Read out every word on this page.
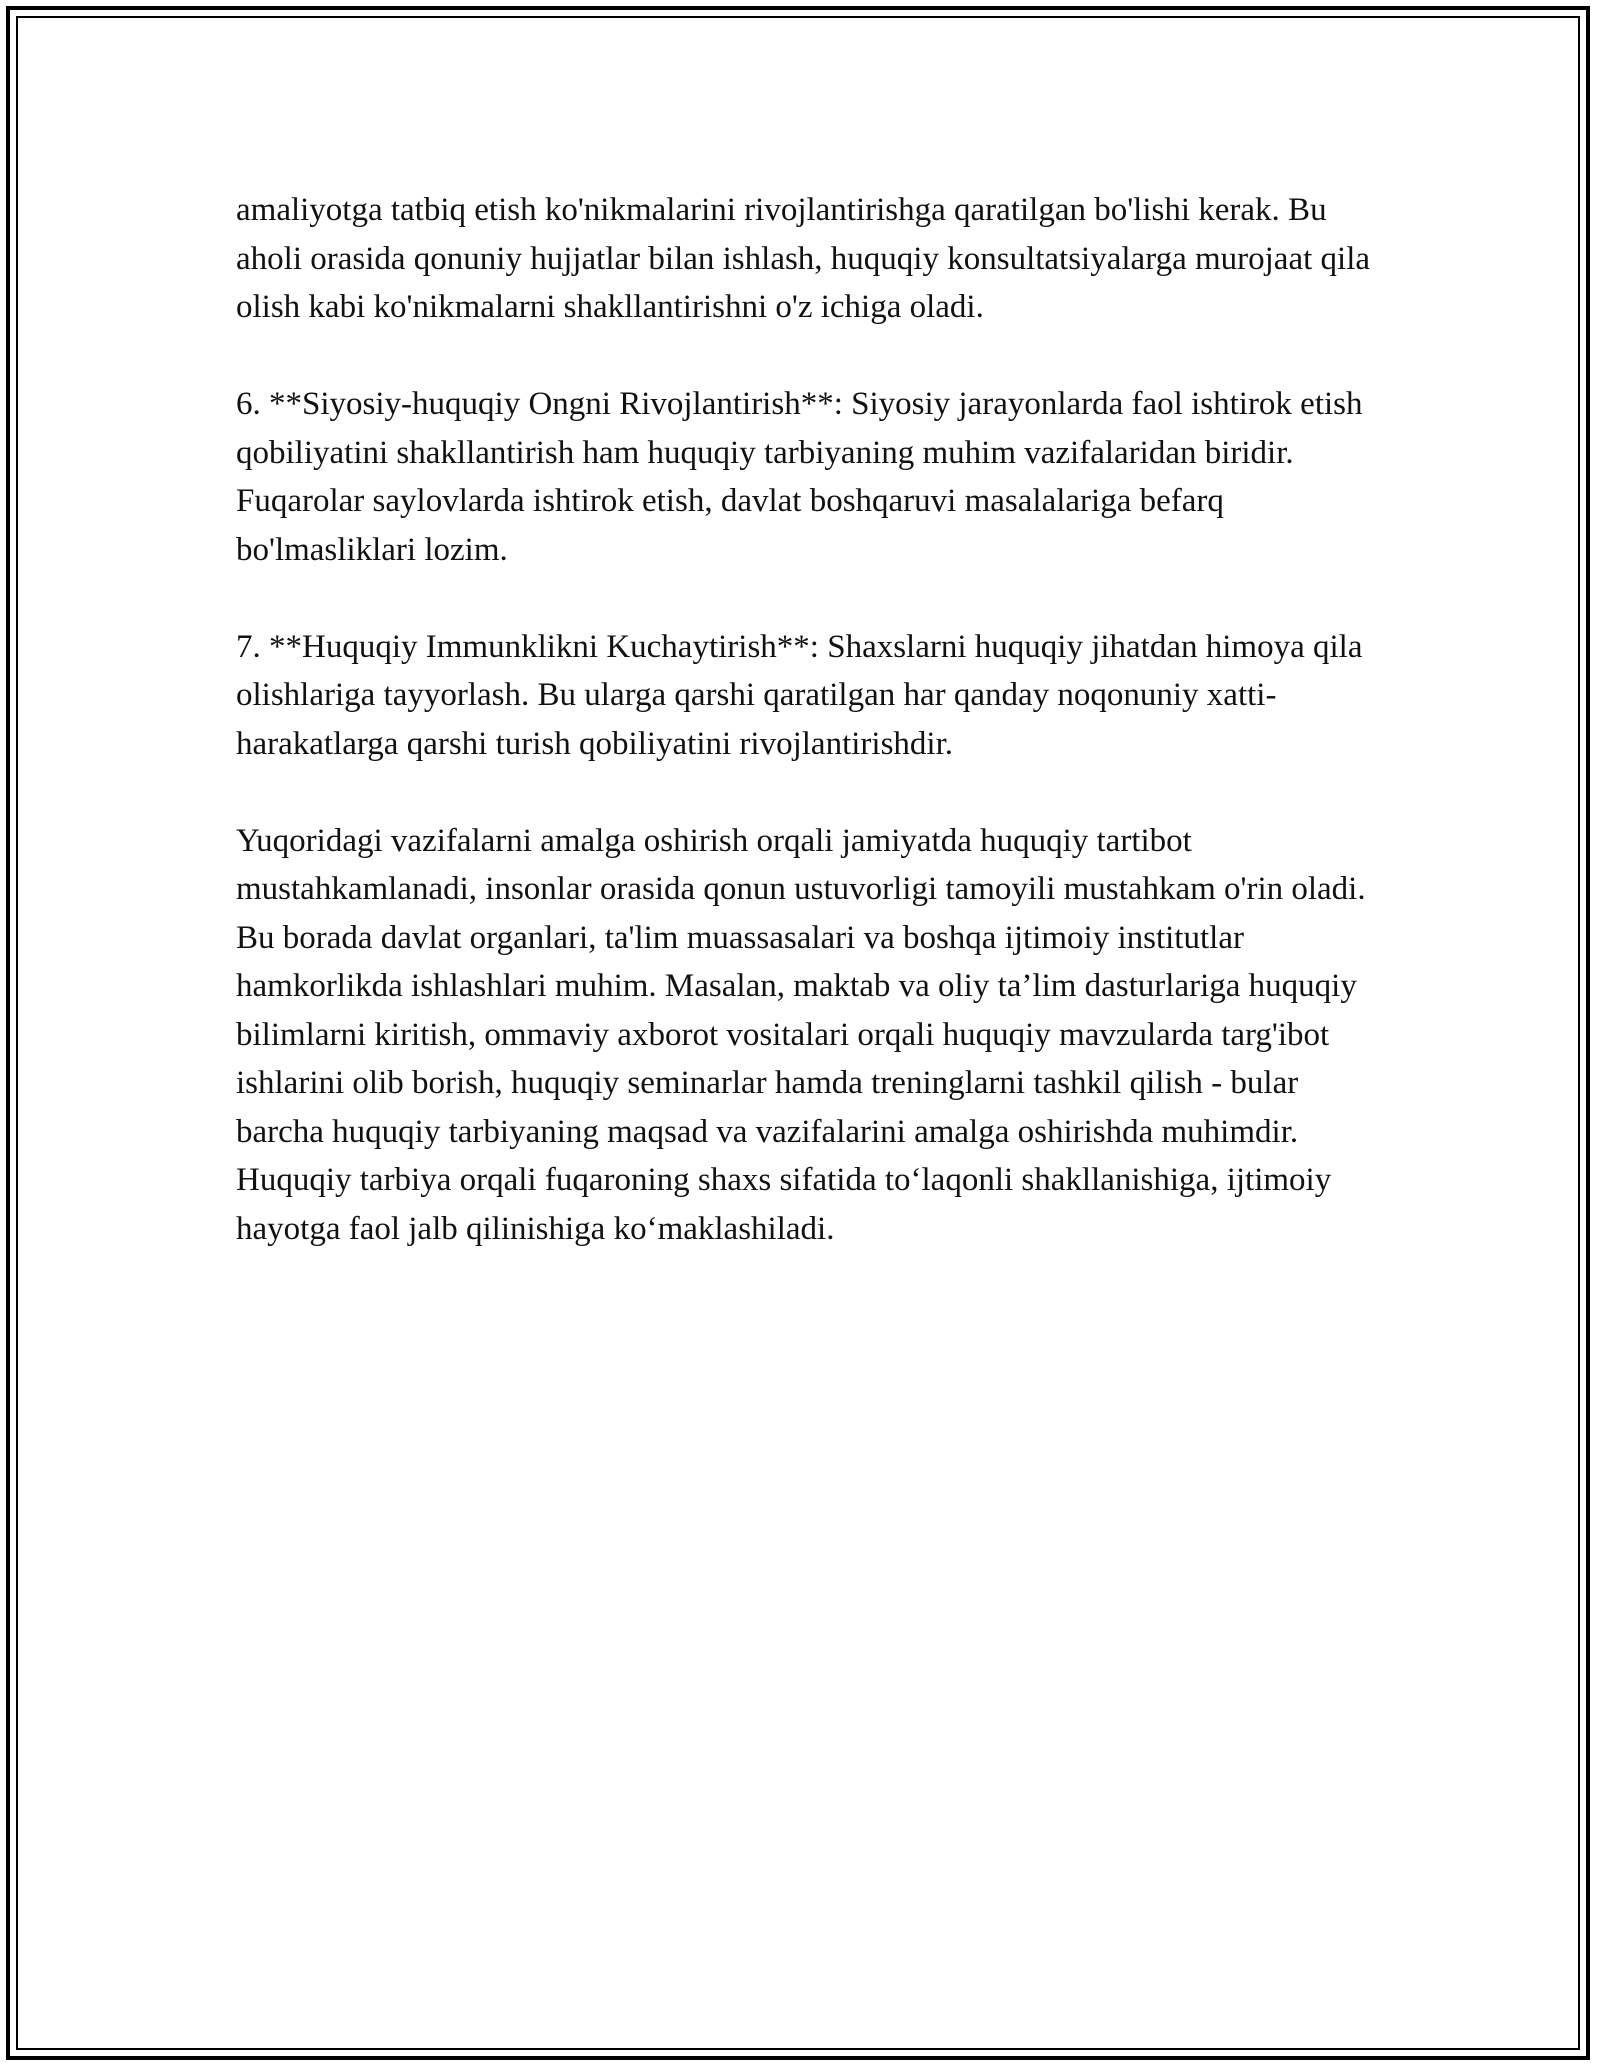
amaliyotga tatbiq etish ko'nikmalarini rivojlantirishga qaratilgan bo'lishi kerak. Bu aholi orasida qonuniy hujjatlar bilan ishlash, huquqiy konsultatsiyalarga murojaat qila olish kabi ko'nikmalarni shakllantirishni o'z ichiga oladi.

6. **Siyosiy-huquqiy Ongni Rivojlantirish**: Siyosiy jarayonlarda faol ishtirok etish qobiliyatini shakllantirish ham huquqiy tarbiyaning muhim vazifalaridan biridir. Fuqarolar saylovlarda ishtirok etish, davlat boshqaruvi masalalariga befarq bo'lmasliklari lozim.

7. **Huquqiy Immunklikni Kuchaytirish**: Shaxslarni huquqiy jihatdan himoya qila olishlariga tayyorlash. Bu ularga qarshi qaratilgan har qanday noqonuniy xatti-harakatlarga qarshi turish qobiliyatini rivojlantirishdir.

Yuqoridagi vazifalarni amalga oshirish orqali jamiyatda huquqiy tartibot mustahkamlanadi, insonlar orasida qonun ustuvorligi tamoyili mustahkam o'rin oladi. Bu borada davlat organlari, ta'lim muassasalari va boshqa ijtimoiy institutlar hamkorlikda ishlashlari muhim. Masalan, maktab va oliy ta’lim dasturlariga huquqiy bilimlarni kiritish, ommaviy axborot vositalari orqali huquqiy mavzularda targ'ibot ishlarini olib borish, huquqiy seminarlar hamda treninglarni tashkil qilish - bular barcha huquqiy tarbiyaning maqsad va vazifalarini amalga oshirishda muhimdir. Huquqiy tarbiya orqali fuqaroning shaxs sifatida to‘laqonli shakllanishiga, ijtimoiy hayotga faol jalb qilinishiga ko‘maklashiladi.
